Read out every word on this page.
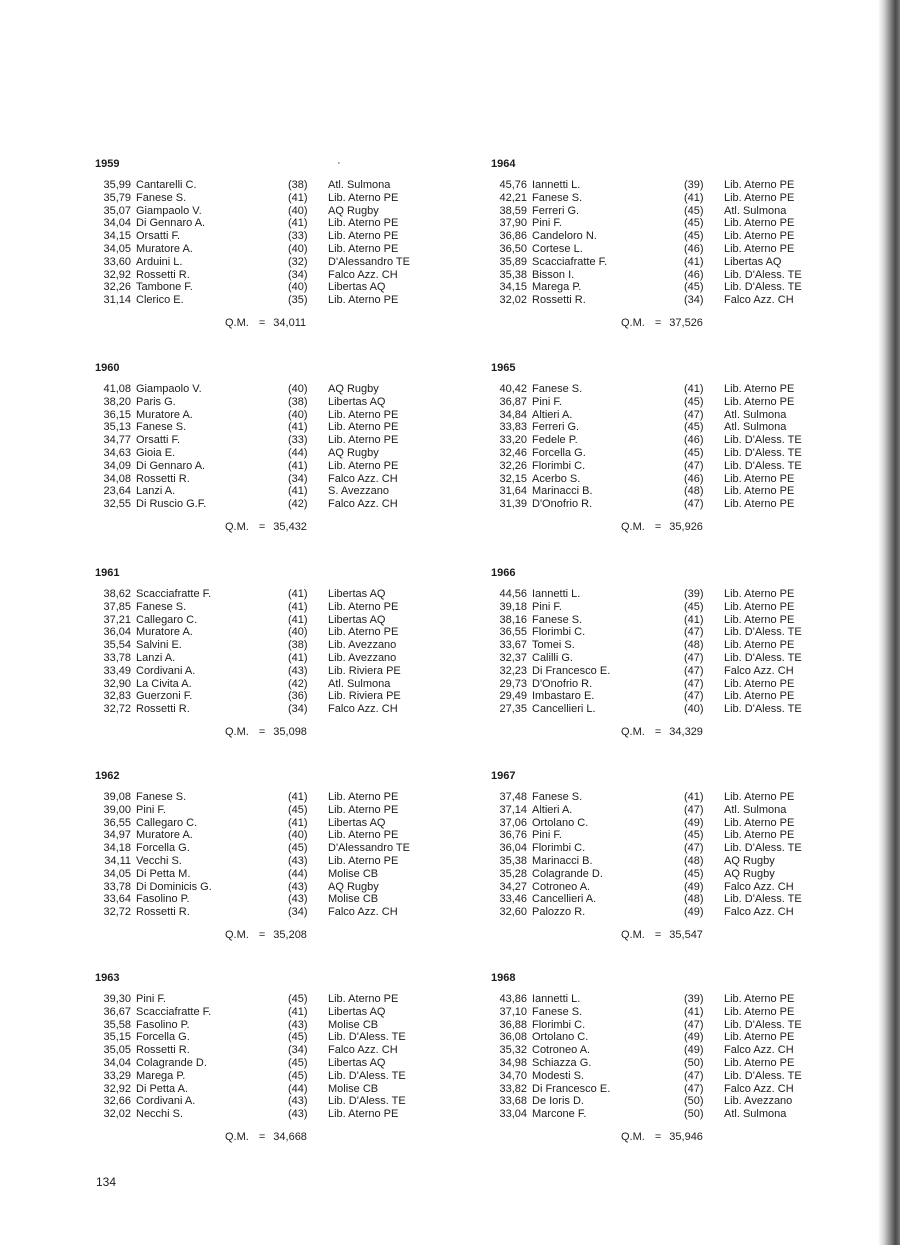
·
134
1959
35,99 Cantarelli C.	(38) Atl. Sulmona
35,79 Fanese S.	(41) Lib. Aterno PE
35,07 Giampaolo V.	(40) AQ Rugby
34,04 Di Gennaro A.	(41) Lib. Aterno PE
34,15 Orsatti F.	(33) Lib. Aterno PE
34,05 Muratore A.	(40) Lib. Aterno PE
33,60 Arduini L.	(32) D'Alessandro TE
32,92 Rossetti R.	(34) Falco Azz. CH
32,26 Tambone F.	(40) Libertas AQ
31,14 Clerico E.	(35) Lib. Aterno PE
Q.M. = 34,011
1964
45,76 Iannetti L.	(39) Lib. Aterno PE
42,21 Fanese S.	(41) Lib. Aterno PE
38,59 Ferreri G.	(45) Atl. Sulmona
37,90 Pini F.	(45) Lib. Aterno PE
36,86 Candeloro N.	(45) Lib. Aterno PE
36,50 Cortese L.	(46) Lib. Aterno PE
35,89 Scacciafratte F.	(41) Libertas AQ
35,38 Bisson I.	(46) Lib. D'Aless. TE
34,15 Marega P.	(45) Lib. D'Aless. TE
32,02 Rossetti R.	(34) Falco Azz. CH
Q.M. = 37,526
1960
41,08 Giampaolo V.	(40) AQ Rugby
38,20 Paris G.	(38) Libertas AQ
36,15 Muratore A.	(40) Lib. Aterno PE
35,13 Fanese S.	(41) Lib. Aterno PE
34,77 Orsatti F.	(33) Lib. Aterno PE
34,63 Gioia E.	(44) AQ Rugby
34,09 Di Gennaro A.	(41) Lib. Aterno PE
34,08 Rossetti R.	(34) Falco Azz. CH
23,64 Lanzi A.	(41) S. Avezzano
32,55 Di Ruscio G.F.	(42) Falco Azz. CH
Q.M. = 35,432
1965
40,42 Fanese S.	(41) Lib. Aterno PE
36,87 Pini F.	(45) Lib. Aterno PE
34,84 Altieri A.	(47) Atl. Sulmona
33,83 Ferreri G.	(45) Atl. Sulmona
33,20 Fedele P.	(46) Lib. D'Aless. TE
32,46 Forcella G.	(45) Lib. D'Aless. TE
32,26 Florimbi C.	(47) Lib. D'Aless. TE
32,15 Acerbo S.	(46) Lib. Aterno PE
31,64 Marinacci B.	(48) Lib. Aterno PE
31,39 D'Onofrio R.	(47) Lib. Aterno PE
Q.M. = 35,926
1961
38,62 Scacciafratte F.	(41) Libertas AQ
37,85 Fanese S.	(41) Lib. Aterno PE
37,21 Callegaro C.	(41) Libertas AQ
36,04 Muratore A.	(40) Lib. Aterno PE
35,54 Salvini E.	(38) Lib. Avezzano
33,78 Lanzi A.	(41) Lib. Avezzano
33,49 Cordivani A.	(43) Lib. Riviera PE
32,90 La Civita A.	(42) Atl. Sulmona
32,83 Guerzoni F.	(36) Lib. Riviera PE
32,72 Rossetti R.	(34) Falco Azz. CH
Q.M. = 35,098
1966
44,56 Iannetti L.	(39) Lib. Aterno PE
39,18 Pini F.	(45) Lib. Aterno PE
38,16 Fanese S.	(41) Lib. Aterno PE
36,55 Florimbi C.	(47) Lib. D'Aless. TE
33,67 Tomei S.	(48) Lib. Aterno PE
32,37 Calilli G.	(47) Lib. D'Aless. TE
32,23 Di Francesco E.	(47) Falco Azz. CH
29,73 D'Onofrio R.	(47) Lib. Aterno PE
29,49 Imbastaro E.	(47) Lib. Aterno PE
27,35 Cancellieri L.	(40) Lib. D'Aless. TE
Q.M. = 34,329
1962
39,08 Fanese S.	(41) Lib. Aterno PE
39,00 Pini F.	(45) Lib. Aterno PE
36,55 Callegaro C.	(41) Libertas AQ
34,97 Muratore A.	(40) Lib. Aterno PE
34,18 Forcella G.	(45) D'Alessandro TE
34,11 Vecchi S.	(43) Lib. Aterno PE
34,05 Di Petta M.	(44) Molise CB
33,78 Di Dominicis G.	(43) AQ Rugby
33,64 Fasolino P.	(43) Molise CB
32,72 Rossetti R.	(34) Falco Azz. CH
Q.M. = 35,208
1967
37,48 Fanese S.	(41) Lib. Aterno PE
37,14 Altieri A.	(47) Atl. Sulmona
37,06 Ortolano C.	(49) Lib. Aterno PE
36,76 Pini F.	(45) Lib. Aterno PE
36,04 Florimbi C.	(47) Lib. D'Aless. TE
35,38 Marinacci B.	(48) AQ Rugby
35,28 Colagrande D.	(45) AQ Rugby
34,27 Cotroneo A.	(49) Falco Azz. CH
33,46 Cancellieri A.	(48) Lib. D'Aless. TE
32,60 Palozzo R.	(49) Falco Azz. CH
Q.M. = 35,547
1963
39,30 Pini F.	(45) Lib. Aterno PE
36,67 Scacciafratte F.	(41) Libertas AQ
35,58 Fasolino P.	(43) Molise CB
35,15 Forcella G.	(45) Lib. D'Aless. TE
35,05 Rossetti R.	(34) Falco Azz. CH
34,04 Colagrande D.	(45) Libertas AQ
33,29 Marega P.	(45) Lib. D'Aless. TE
32,92 Di Petta A.	(44) Molise CB
32,66 Cordivani A.	(43) Lib. D'Aless. TE
32,02 Necchi S.	(43) Lib. Aterno PE
Q.M. = 34,668
1968
43,86 Iannetti L.	(39) Lib. Aterno PE
37,10 Fanese S.	(41) Lib. Aterno PE
36,88 Florimbi C.	(47) Lib. D'Aless. TE
36,08 Ortolano C.	(49) Lib. Aterno PE
35,32 Cotroneo A.	(49) Falco Azz. CH
34,98 Schiazza G.	(50) Lib. Aterno PE
34,70 Modesti S.	(47) Lib. D'Aless. TE
33,82 Di Francesco E.	(47) Falco Azz. CH
33,68 De Ioris D.	(50) Lib. Avezzano
33,04 Marcone F.	(50) Atl. Sulmona
Q.M. = 35,946
